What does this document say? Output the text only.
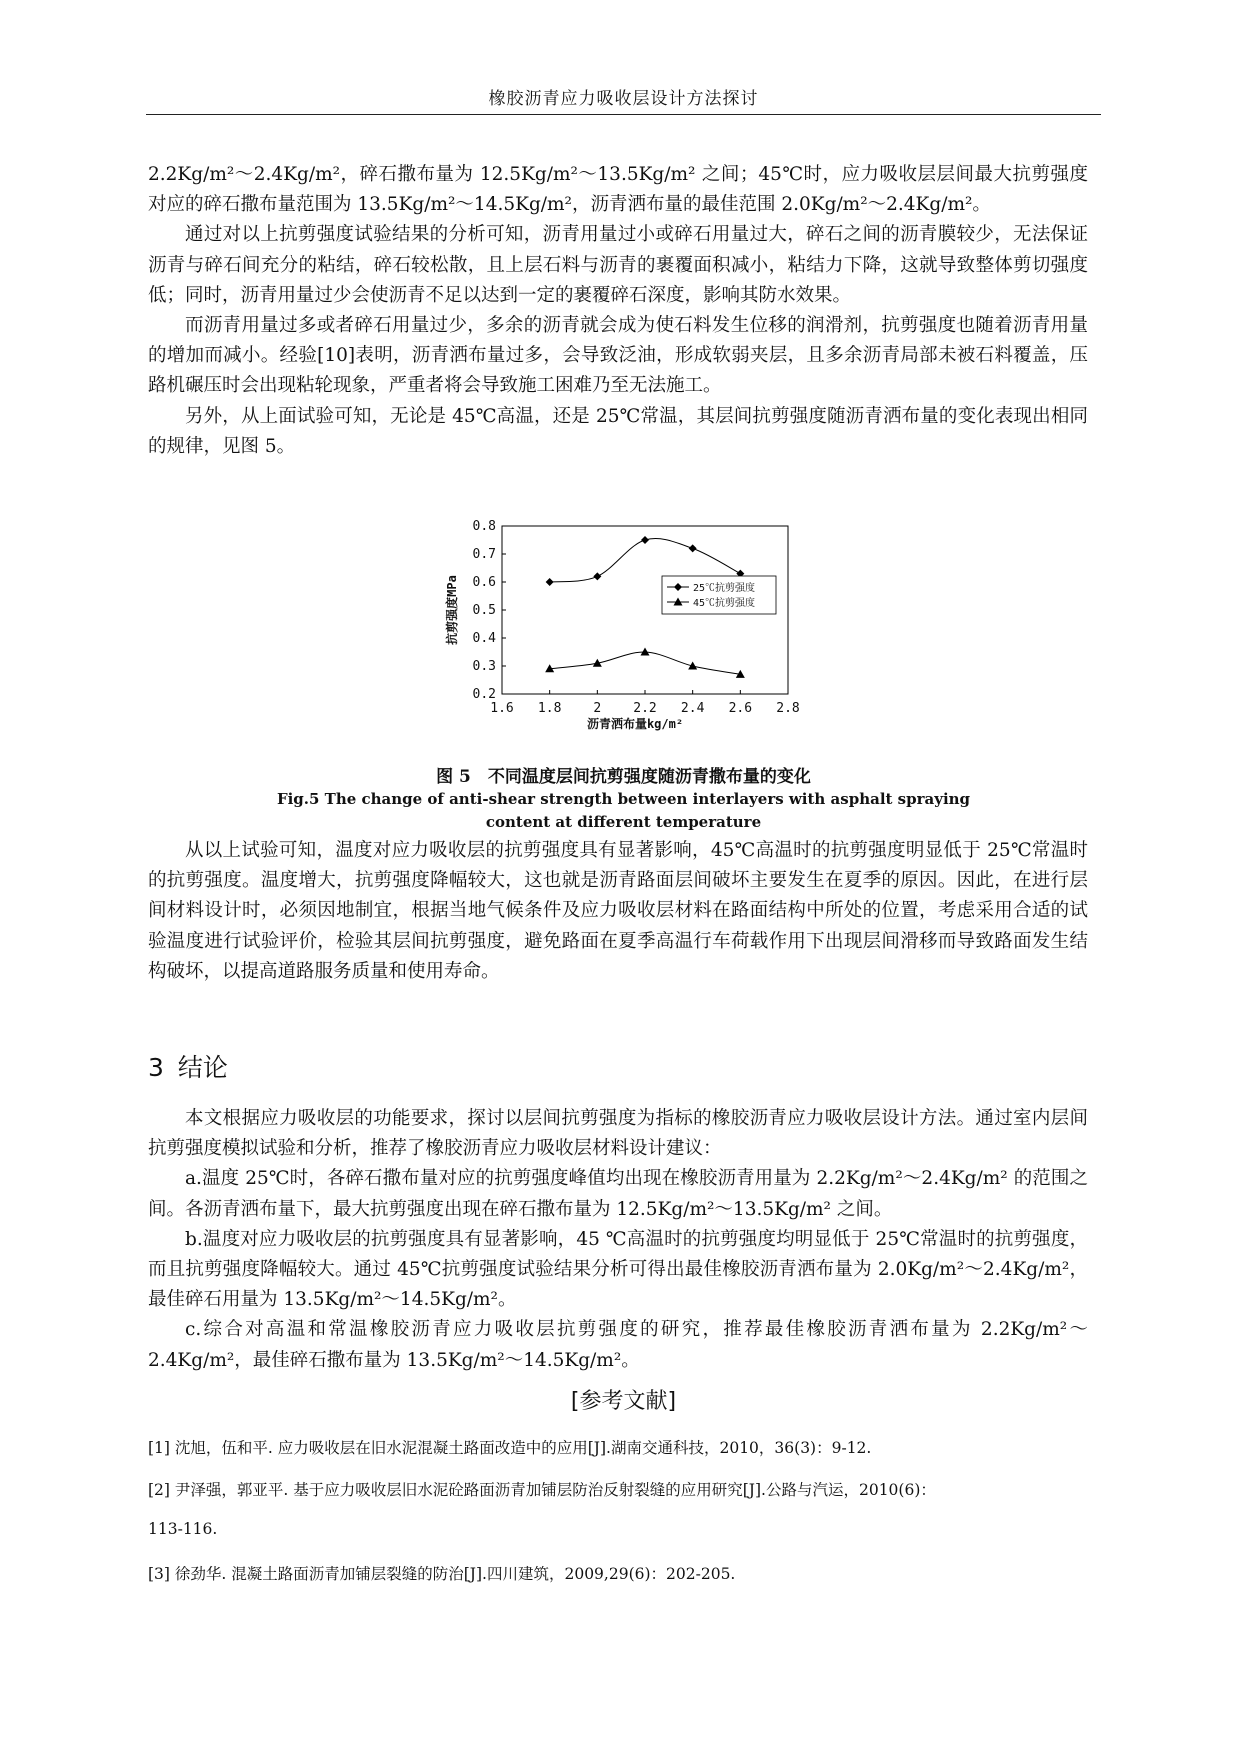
橡胶沥青应力吸收层设计方法探讨

2.2Kg/m²～2.4Kg/m²，碎石撒布量为 12.5Kg/m²～13.5Kg/m² 之间；45℃时，应力吸收层层间最大抗剪强度对应的碎石撒布量范围为 13.5Kg/m²～14.5Kg/m²，沥青洒布量的最佳范围 2.0Kg/m²～2.4Kg/m²。

通过对以上抗剪强度试验结果的分析可知，沥青用量过小或碎石用量过大，碎石之间的沥青膜较少，无法保证沥青与碎石间充分的粘结，碎石较松散，且上层石料与沥青的裹覆面积减小，粘结力下降，这就导致整体剪切强度低；同时，沥青用量过少会使沥青不足以达到一定的裹覆碎石深度，影响其防水效果。

而沥青用量过多或者碎石用量过少，多余的沥青就会成为使石料发生位移的润滑剂，抗剪强度也随着沥青用量的增加而减小。经验[10]表明，沥青洒布量过多，会导致泛油，形成软弱夹层，且多余沥青局部未被石料覆盖，压路机碾压时会出现粘轮现象，严重者将会导致施工困难乃至无法施工。

另外，从上面试验可知，无论是 45℃高温，还是 25℃常温，其层间抗剪强度随沥青洒布量的变化表现出相同的规律，见图 5。

0.2
0.3
0.4
0.5
0.6
0.7
0.8
1.6 1.8 2 2.2 2.4 2.6 2.8
沥青洒布量kg/m²
抗剪强度MPa	25℃抗剪强度
45℃抗剪强度
图 5　不同温度层间抗剪强度随沥青撒布量的变化
Fig.5 The change of anti-shear strength between interlayers with asphalt spraying
content at different temperature

从以上试验可知，温度对应力吸收层的抗剪强度具有显著影响，45℃高温时的抗剪强度明显低于 25℃常温时的抗剪强度。温度增大，抗剪强度降幅较大，这也就是沥青路面层间破坏主要发生在夏季的原因。因此，在进行层间材料设计时，必须因地制宜，根据当地气候条件及应力吸收层材料在路面结构中所处的位置，考虑采用合适的试验温度进行试验评价，检验其层间抗剪强度，避免路面在夏季高温行车荷载作用下出现层间滑移而导致路面发生结构破坏，以提高道路服务质量和使用寿命。

3 结论

本文根据应力吸收层的功能要求，探讨以层间抗剪强度为指标的橡胶沥青应力吸收层设计方法。通过室内层间抗剪强度模拟试验和分析，推荐了橡胶沥青应力吸收层材料设计建议：

a.温度 25℃时，各碎石撒布量对应的抗剪强度峰值均出现在橡胶沥青用量为 2.2Kg/m²～2.4Kg/m² 的范围之间。各沥青洒布量下，最大抗剪强度出现在碎石撒布量为 12.5Kg/m²～13.5Kg/m² 之间。

b.温度对应力吸收层的抗剪强度具有显著影响，45 ℃高温时的抗剪强度均明显低于 25℃常温时的抗剪强度，而且抗剪强度降幅较大。通过 45℃抗剪强度试验结果分析可得出最佳橡胶沥青洒布量为 2.0Kg/m²～2.4Kg/m²，最佳碎石用量为 13.5Kg/m²～14.5Kg/m²。

c.综合对高温和常温橡胶沥青应力吸收层抗剪强度的研究，推荐最佳橡胶沥青洒布量为 2.2Kg/m²～2.4Kg/m²，最佳碎石撒布量为 13.5Kg/m²～14.5Kg/m²。

[参考文献]
[1] 沈旭，伍和平. 应力吸收层在旧水泥混凝土路面改造中的应用[J].湖南交通科技，2010，36(3)：9-12.
[2] 尹泽强，郭亚平. 基于应力吸收层旧水泥砼路面沥青加铺层防治反射裂缝的应用研究[J].公路与汽运，2010(6)：
113-116.
[3] 徐劲华. 混凝土路面沥青加铺层裂缝的防治[J].四川建筑，2009,29(6)：202-205.
